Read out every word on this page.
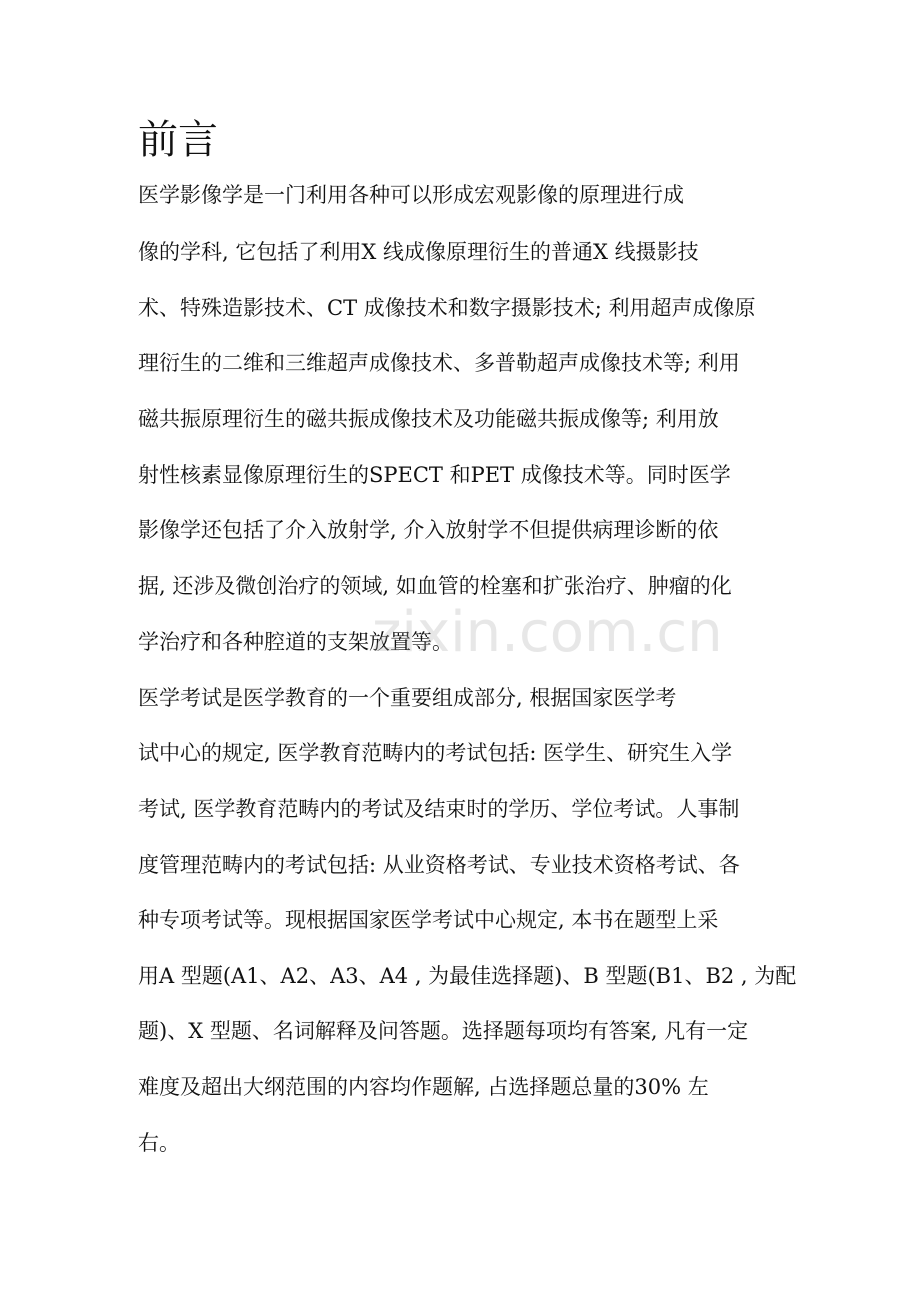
前言
医学影像学是一门利用各种可以形成宏观影像的原理进行成
像的学科, 它包括了利用X 线成像原理衍生的普通X 线摄影技
术、特殊造影技术、CT 成像技术和数字摄影技术; 利用超声成像原
理衍生的二维和三维超声成像技术、多普勒超声成像技术等; 利用
磁共振原理衍生的磁共振成像技术及功能磁共振成像等; 利用放
射性核素显像原理衍生的SPECT 和PET 成像技术等。同时医学
影像学还包括了介入放射学, 介入放射学不但提供病理诊断的依
据, 还涉及微创治疗的领域, 如血管的栓塞和扩张治疗、肿瘤的化
学治疗和各种腔道的支架放置等。
医学考试是医学教育的一个重要组成部分, 根据国家医学考
试中心的规定, 医学教育范畴内的考试包括: 医学生、研究生入学
考试, 医学教育范畴内的考试及结束时的学历、学位考试。人事制
度管理范畴内的考试包括: 从业资格考试、专业技术资格考试、各
种专项考试等。现根据国家医学考试中心规定, 本书在题型上采
用A 型题(A1、A2、A3、A4 , 为最佳选择题)、B 型题(B1、B2 , 为配
题)、X 型题、名词解释及问答题。选择题每项均有答案, 凡有一定
难度及超出大纲范围的内容均作题解, 占选择题总量的30% 左
右。
zixin.com.cn
